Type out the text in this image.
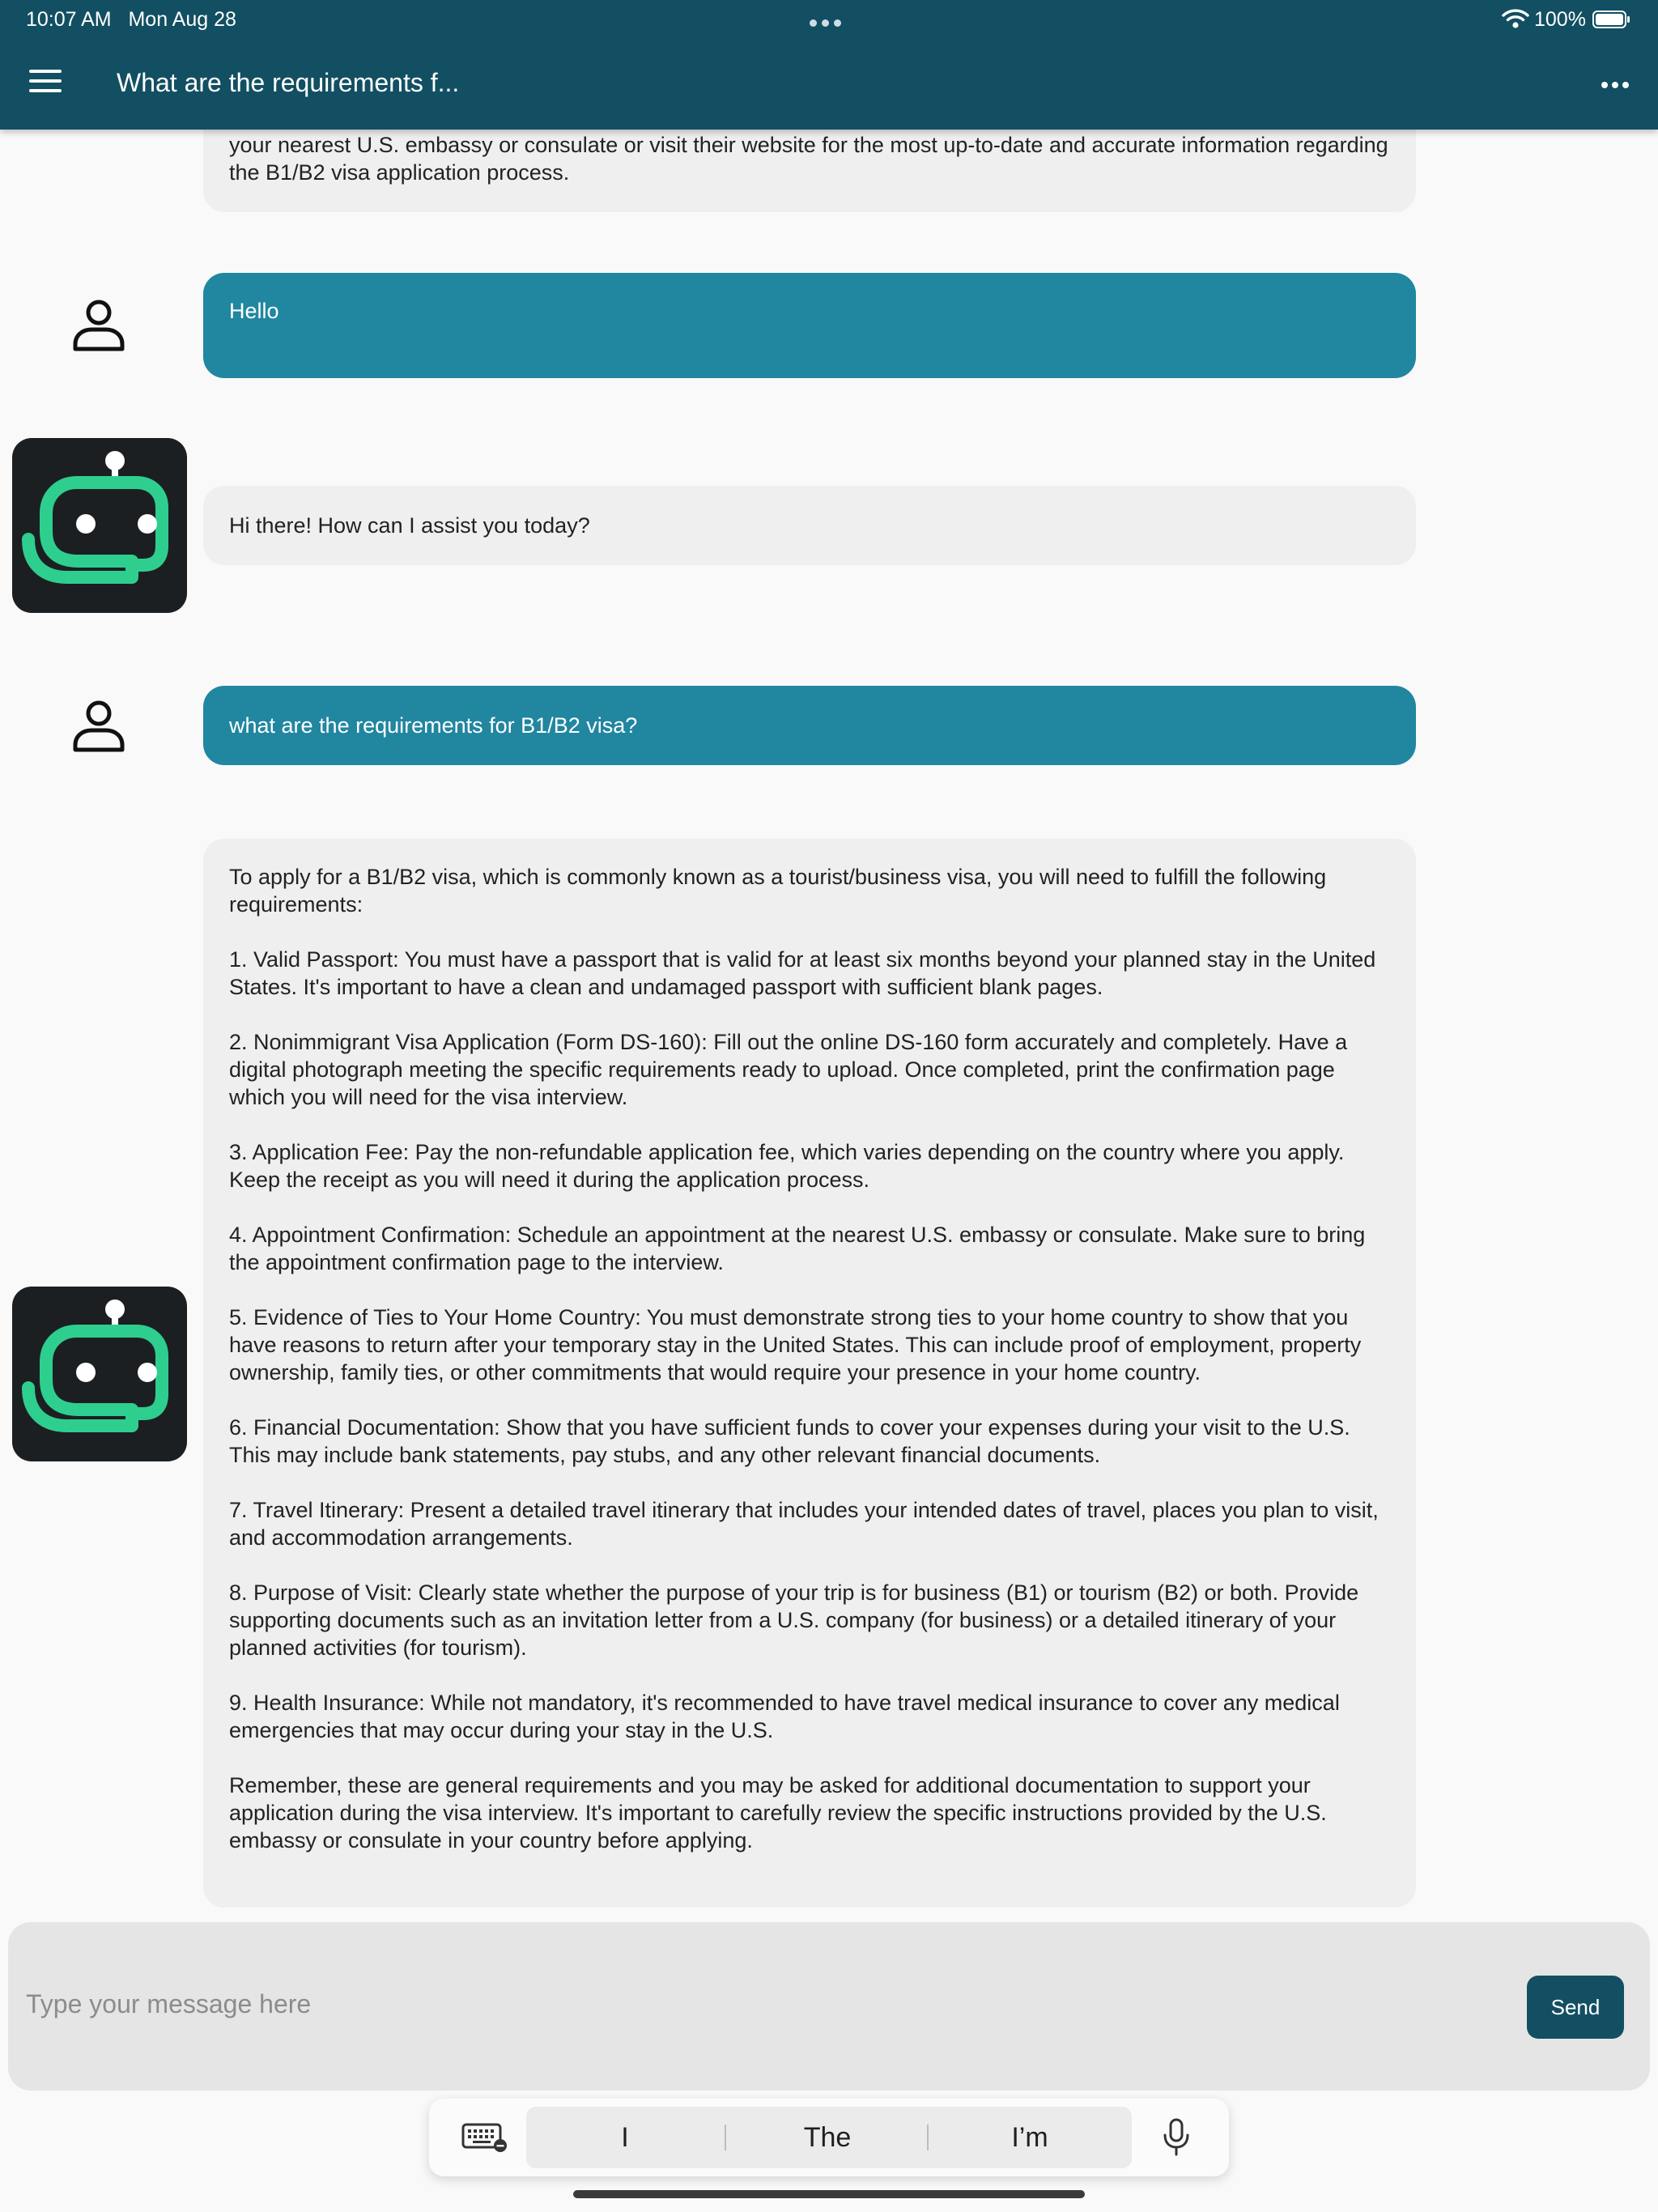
10:07 AM Mon Aug 28	100%
What are the requirements f...

your nearest U.S. embassy or consulate or visit their website for the most up-to-date and accurate information regarding the B1/B2 visa application process.

Hello
Hi there! How can I assist you today?
what are the requirements for B1/B2 visa?

To apply for a B1/B2 visa, which is commonly known as a tourist/business visa, you will need to fulfill the following requirements:

1. Valid Passport: You must have a passport that is valid for at least six months beyond your planned stay in the United States. It's important to have a clean and undamaged passport with sufficient blank pages.

2. Nonimmigrant Visa Application (Form DS-160): Fill out the online DS-160 form accurately and completely. Have a digital photograph meeting the specific requirements ready to upload. Once completed, print the confirmation page which you will need for the visa interview.

3. Application Fee: Pay the non-refundable application fee, which varies depending on the country where you apply. Keep the receipt as you will need it during the application process.

4. Appointment Confirmation: Schedule an appointment at the nearest U.S. embassy or consulate. Make sure to bring the appointment confirmation page to the interview.

5. Evidence of Ties to Your Home Country: You must demonstrate strong ties to your home country to show that you have reasons to return after your temporary stay in the United States. This can include proof of employment, property ownership, family ties, or other commitments that would require your presence in your home country.

6. Financial Documentation: Show that you have sufficient funds to cover your expenses during your visit to the U.S. This may include bank statements, pay stubs, and any other relevant financial documents.

7. Travel Itinerary: Present a detailed travel itinerary that includes your intended dates of travel, places you plan to visit, and accommodation arrangements.

8. Purpose of Visit: Clearly state whether the purpose of your trip is for business (B1) or tourism (B2) or both. Provide supporting documents such as an invitation letter from a U.S. company (for business) or a detailed itinerary of your planned activities (for tourism).

9. Health Insurance: While not mandatory, it's recommended to have travel medical insurance to cover any medical emergencies that may occur during your stay in the U.S.

Remember, these are general requirements and you may be asked for additional documentation to support your application during the visa interview. It's important to carefully review the specific instructions provided by the U.S. embassy or consulate in your country before applying.

Type your message here
Send
I	The	I’m
